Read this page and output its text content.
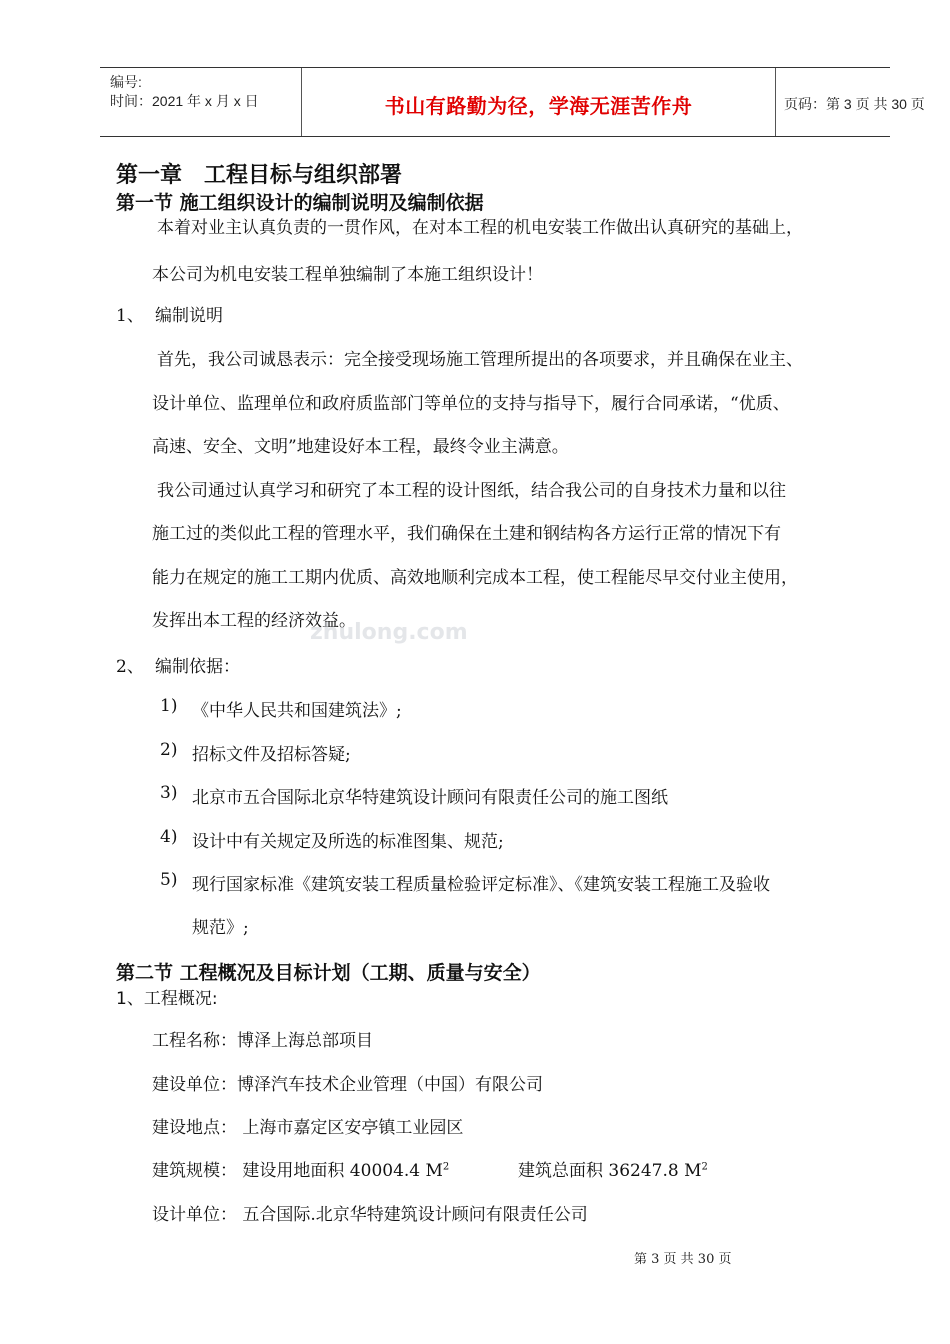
编号:
时间：2021 年 x 月 x 日	书山有路勤为径，学海无涯苦作舟	页码：第 3 页 共 30 页
第一章　工程目标与组织部署
第一节 施工组织设计的编制说明及编制依据
本着对业主认真负责的一贯作风，在对本工程的机电安装工作做出认真研究的基础上，
本公司为机电安装工程单独编制了本施工组织设计！
1、 编制说明
首先，我公司诚恳表示：完全接受现场施工管理所提出的各项要求，并且确保在业主、
设计单位、监理单位和政府质监部门等单位的支持与指导下，履行合同承诺，“优质、
高速、安全、文明”地建设好本工程，最终令业主满意。
我公司通过认真学习和研究了本工程的设计图纸，结合我公司的自身技术力量和以往
施工过的类似此工程的管理水平，我们确保在土建和钢结构各方运行正常的情况下有
能力在规定的施工工期内优质、高效地顺利完成本工程，使工程能尽早交付业主使用，
发挥出本工程的经济效益。
zhulong.com
2、 编制依据：
1) 《中华人民共和国建筑法》;
2) 招标文件及招标答疑;
3) 北京市五合国际北京华特建筑设计顾问有限责任公司的施工图纸
4) 设计中有关规定及所选的标准图集、规范;
5) 现行国家标准《建筑安装工程质量检验评定标准》、《建筑安装工程施工及验收
规范》;
第二节 工程概况及目标计划（工期、质量与安全）
1、工程概况:
工程名称：博泽上海总部项目
建设单位：博泽汽车技术企业管理（中国）有限公司
建设地点： 上海市嘉定区安亭镇工业园区
建筑规模： 建设用地面积 40004.4 $M^2$	建筑总面积 36247.8 $M^2$
设计单位： 五合国际.北京华特建筑设计顾问有限责任公司
第 3 页 共 30 页
